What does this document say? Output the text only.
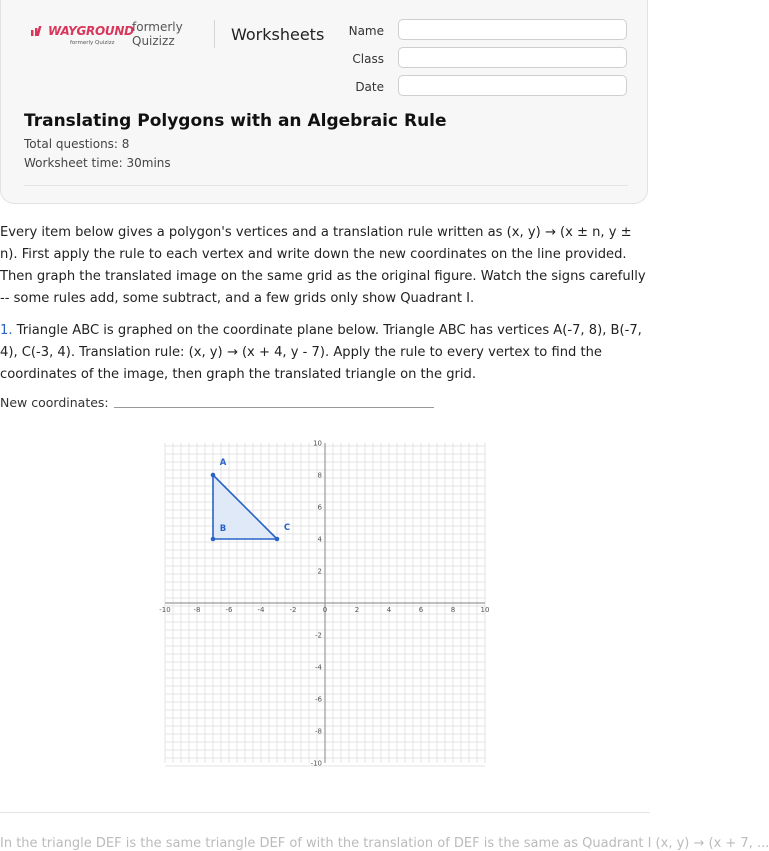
WAYGROUND
formerly Quizizz
formerly
Quizizz	Worksheets Name
Class
Date
Translating Polygons with an Algebraic Rule
Total questions: 8
Worksheet time: 30mins
Every item below gives a polygon's vertices and a translation rule written as (x, y) → (x ± n, y ± n). First apply the rule to each vertex and write down the new coordinates on the line provided. Then graph the translated image on the same grid as the original figure. Watch the signs carefully -- some rules add, some subtract, and a few grids only show Quadrant I.
1. Triangle ABC is graphed on the coordinate plane below. Triangle ABC has vertices A(-7, 8), B(-7, 4), C(-3, 4). Translation rule: (x, y) → (x + 4, y - 7). Apply the rule to every vertex to find the coordinates of the image, then graph the translated triangle on the grid.
New coordinates:
-10	-8	-6	-4	-2	0	2	4	6	8	10
10
8
6
4
2
-2
-4
-6
-8
-10
A
B	C
In the triangle DEF is the same triangle DEF of with the translation of DEF is the same as Quadrant I (x, y) → (x + 7, ...
